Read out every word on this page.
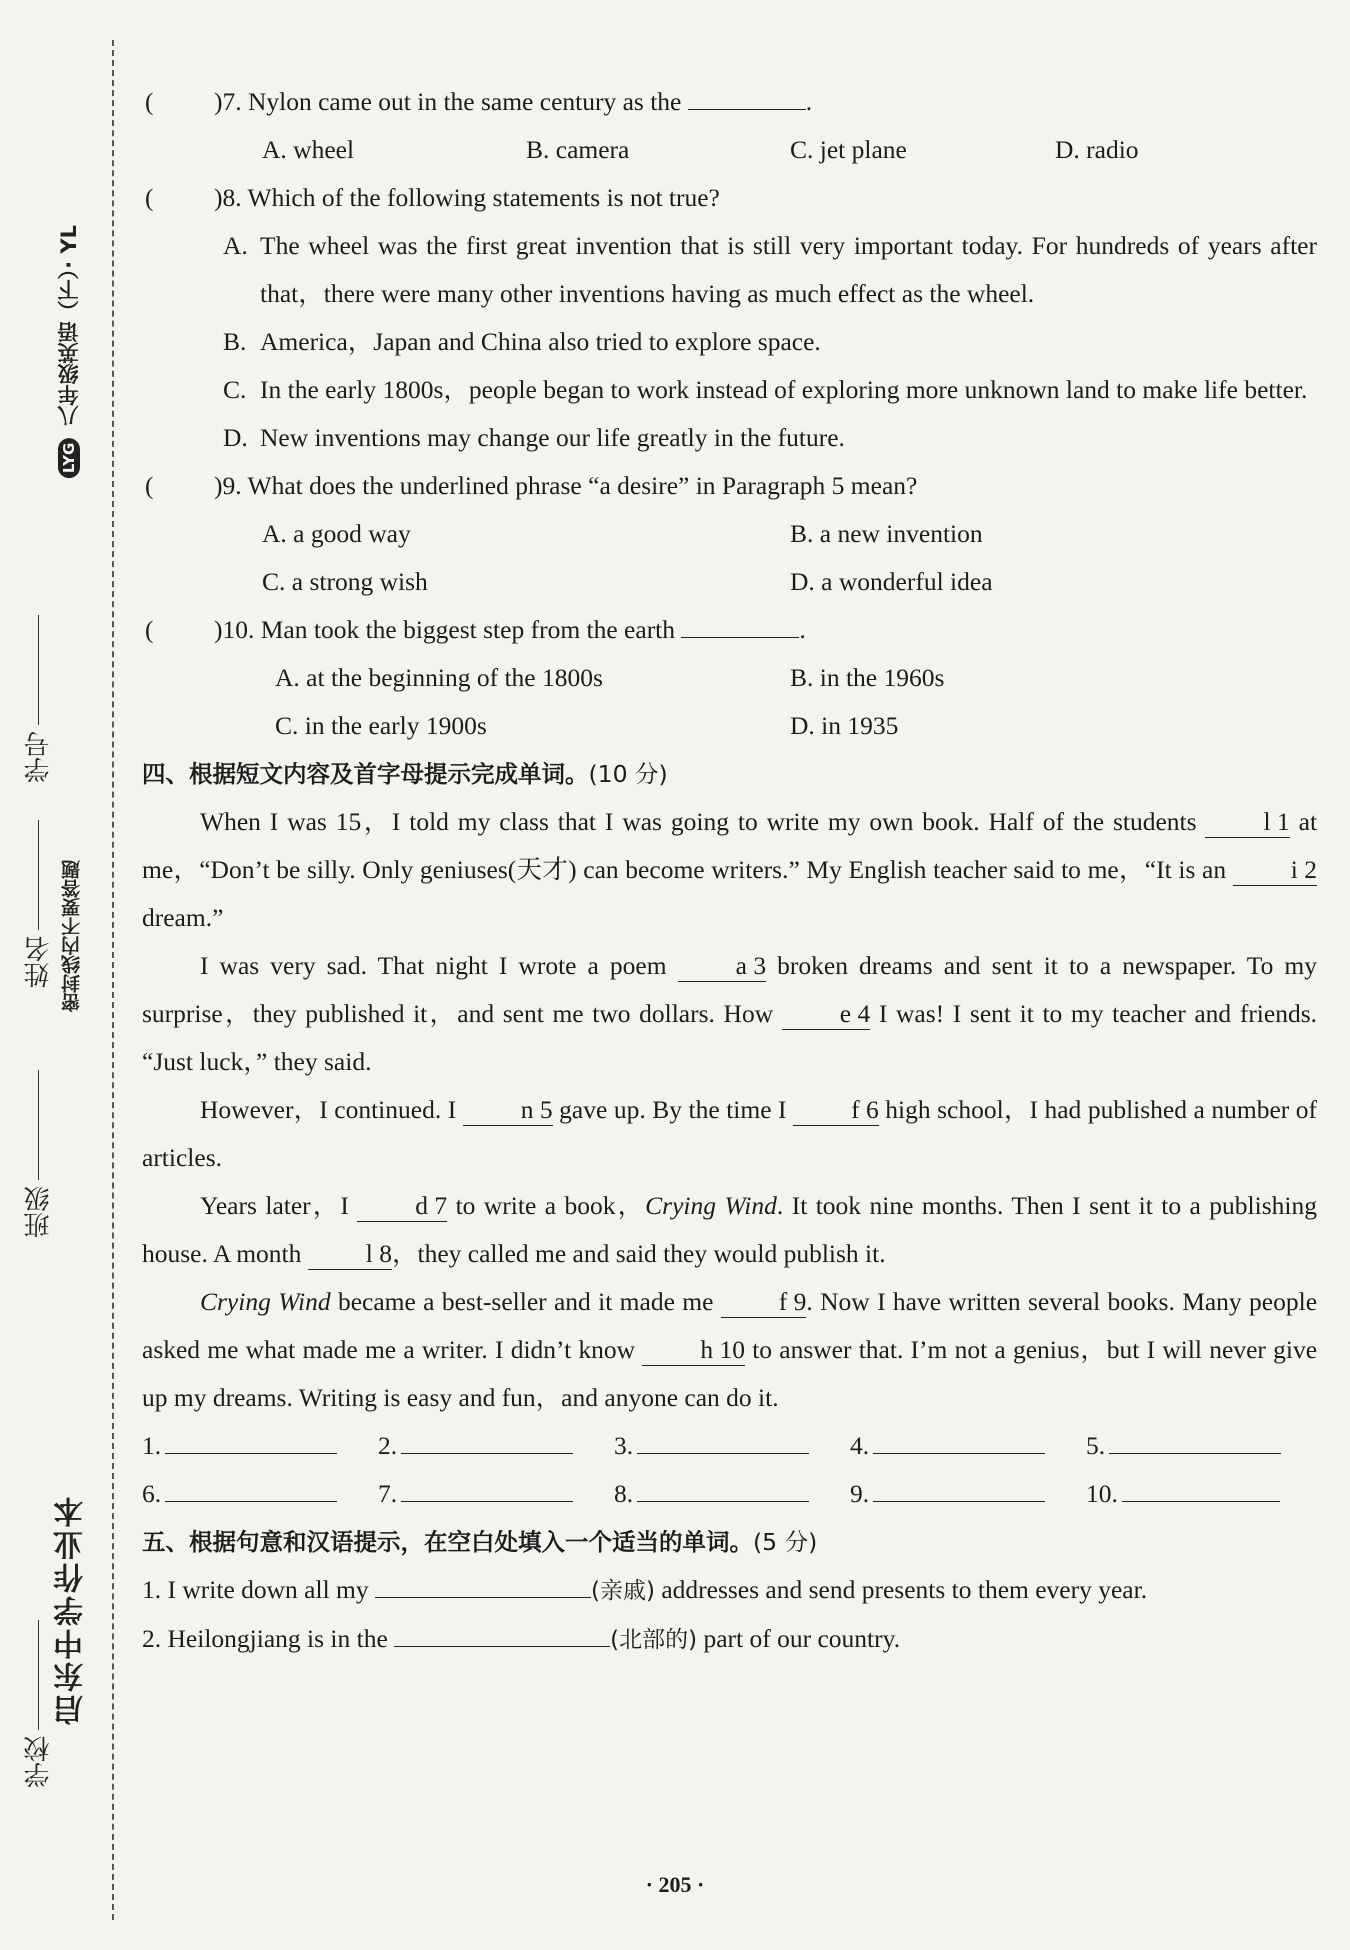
启东中学作业本
学校
班级
姓名
学号
LYG 八年级英语（下）· YL
密封线内不要答题
( )7. Nylon came out in the same century as the	.
A. wheel	B. camera	C. jet plane	D. radio
( )8. Which of the following statements is not true?
A. The wheel was the first great invention that is still very important today. For hundreds of years after that，there were many other inventions having as much effect as the wheel.
B. America，Japan and China also tried to explore space.
C. In the early 1800s，people began to work instead of exploring more unknown land to make life better.
D. New inventions may change our life greatly in the future.
( )9. What does the underlined phrase “a desire” in Paragraph 5 mean?
A. a good way	B. a new invention
C. a strong wish	D. a wonderful idea
( )10. Man took the biggest step from the earth	.
A. at the beginning of the 1800s	B. in the 1960s
C. in the early 1900s	D. in 1935
四、根据短文内容及首字母提示完成单词。(10 分)
When I was 15，I told my class that I was going to write my own book. Half of the students	l 1 at me，“Don’t be silly. Only geniuses(天才) can become writers.” My English teacher said to me，“It is an	i 2 dream.”
I was very sad. That night I wrote a poem	a 3 broken dreams and sent it to a newspaper. To my surprise，they published it，and sent me two dollars. How	e 4 I was! I sent it to my teacher and friends. “Just luck，” they said.
However，I continued. I	n 5 gave up. By the time I	f 6 high school，I had published a number of articles.
Years later，I	d 7 to write a book，Crying Wind. It took nine months. Then I sent it to a publishing house. A month	l 8，they called me and said they would publish it.
Crying Wind became a best-seller and it made me	f 9. Now I have written several books. Many people asked me what made me a writer. I didn’t know	h 10 to answer that. I’m not a genius，but I will never give up my dreams. Writing is easy and fun，and anyone can do it.
1.	2.	3.	4.	5.
6.	7.	8.	9.	10.
五、根据句意和汉语提示，在空白处填入一个适当的单词。(5 分)
1. I write down all my	(亲戚) addresses and send presents to them every year.
2. Heilongjiang is in the	(北部的) part of our country.
· 205 ·
